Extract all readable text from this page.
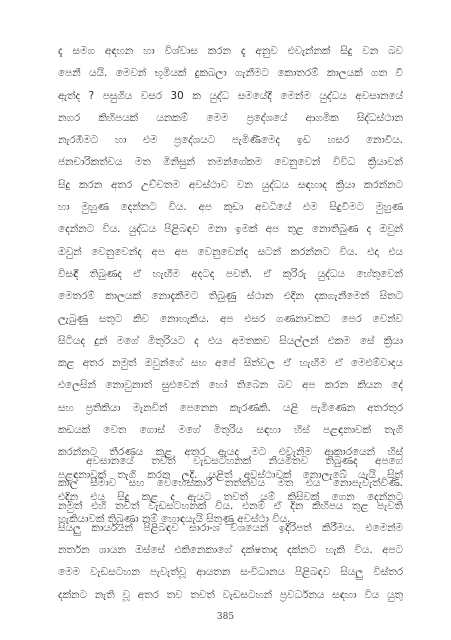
දැ සමග අඳහන හා විශ්වාස කරන දැ අනුව එවැන්නක් සිදු වන බව
පෙනී යයි. මෙවන් භූමියක් දුකබලා ගැනීමට කොතරම් කාලයක් ගත වී
ඇත්ද ? පසුගිය වසර 30 ක යුද්ධ සමයේදී මෙන්ම යුද්ධය අවසානයේ
නගර කිහිපයක් යනකම් මෙම ප්‍රදේශයේ ආගමික සිද්ධස්ථාන
නැරඹීමට හා එම ප්‍රදේශයට පැමිණීමෙද ඉඩ හසර නොවීය.
ජනචාරිකත්වය මත මිනිසුන් තමන්ගේකම වෙනුවෙන් විවිධ ක්‍රියාවන්
සිදු කරන අතර උච්චතම අවස්ථාව වන යුද්ධය සඳහාද ක්‍රියා කරන්නට
හා මුහුණ දෙන්නට විය. අප කුඩා අවධියේ එම සිදුවීමට මුහුණ
දෙන්නට විය. යුද්ධය පිළිබඳව මනා ඉමක් අප තුළ නොතිබුණ ද ඔවුන්
ඔවුන් වෙනුවෙන්ද අප අප වෙනුවෙන්ද සටන් කරන්නට විය. එදා එය
විසඳී තිබුණද ඒ හැඟීම අදටද පවතී. ඒ කුරිරු යුද්ධය හේතුවෙන්
මෙතරම් කාලයක් නොදැකීමට තිබුණු ස්ථාන එදින දකගැනීමෙන් සිතට
ලැබුණු සතුට කිව නොහැකිය. අප එසර ගණනාවකට පෙර වෙන්ව
සිටියද දුන් මගේ මිතුරියට ද එය අමතකව සියල්ලන් එකම සේ ක්‍රියා
කළ අතර නමුත් ඔවුන්ගේ සහ අපේ සිත්වල ඒ හැඟීම ඒ මෙළුම්වාදය
එලෙසින් නොවුනාත් සුළුවෙන් හෝ තිබෙන බව අප කරන කියන දේ
සහ ප්‍රතිකියා මැනවින් පෙනෙන කැරණකි. යළි පැමිණෙන අතරතුර
කඩයක් වෙත ගොස් මගේ මිතුරිය සඳහා හිස් පළඳනාවක් තැගි
කරන්නට තීරණය කළ අතර ඇයද මට එවැනිම ආකාරයෙන් හිස්
පළඳනාවක් තැගි කරන ලදි. යළිත් අවස්ථාවක් නොලැබේ යැයි සිත්
එදින එය සිදු කළ ද ඇයට තවත් යම් කිසිවක් ගෙන දෙන්නට
හැකියාවක් තිබුණා නම් හොඳයැයි සිතුණු අවස්ථා විය.
අවසානයේ තවත් වැඩසටහනක් නියමිතව තිබුණද අපගේ
කාල සීමාව සහ වෙහෙසකාරී තත්ත්වය මත එය නොපැවැත්විණි.
නමුත් එහි තවත් වැඩසටහනක් විය. එනම් ඒ දින කිහිපය තුළ පැවති
සියලු කාර්යයන් පිළිබඳව සාරාංශ වශයෙන් ඉදිරිපත් කිරීමය. එමෙන්ම
නර්තන ශායන ඔස්සේ එකිනෙකාගේ දක්ෂතාද දක්නට හැකි විය. අපට
මෙම වැඩසටහන පැවැත්වූ ආයතන සංවිධානය පිළිබඳව සියලු විස්තර
දක්නට නැති වූ අතර තව තවත් වැඩසටහන් ප්‍රවර්ධනය සඳහා විය යුතු
385
